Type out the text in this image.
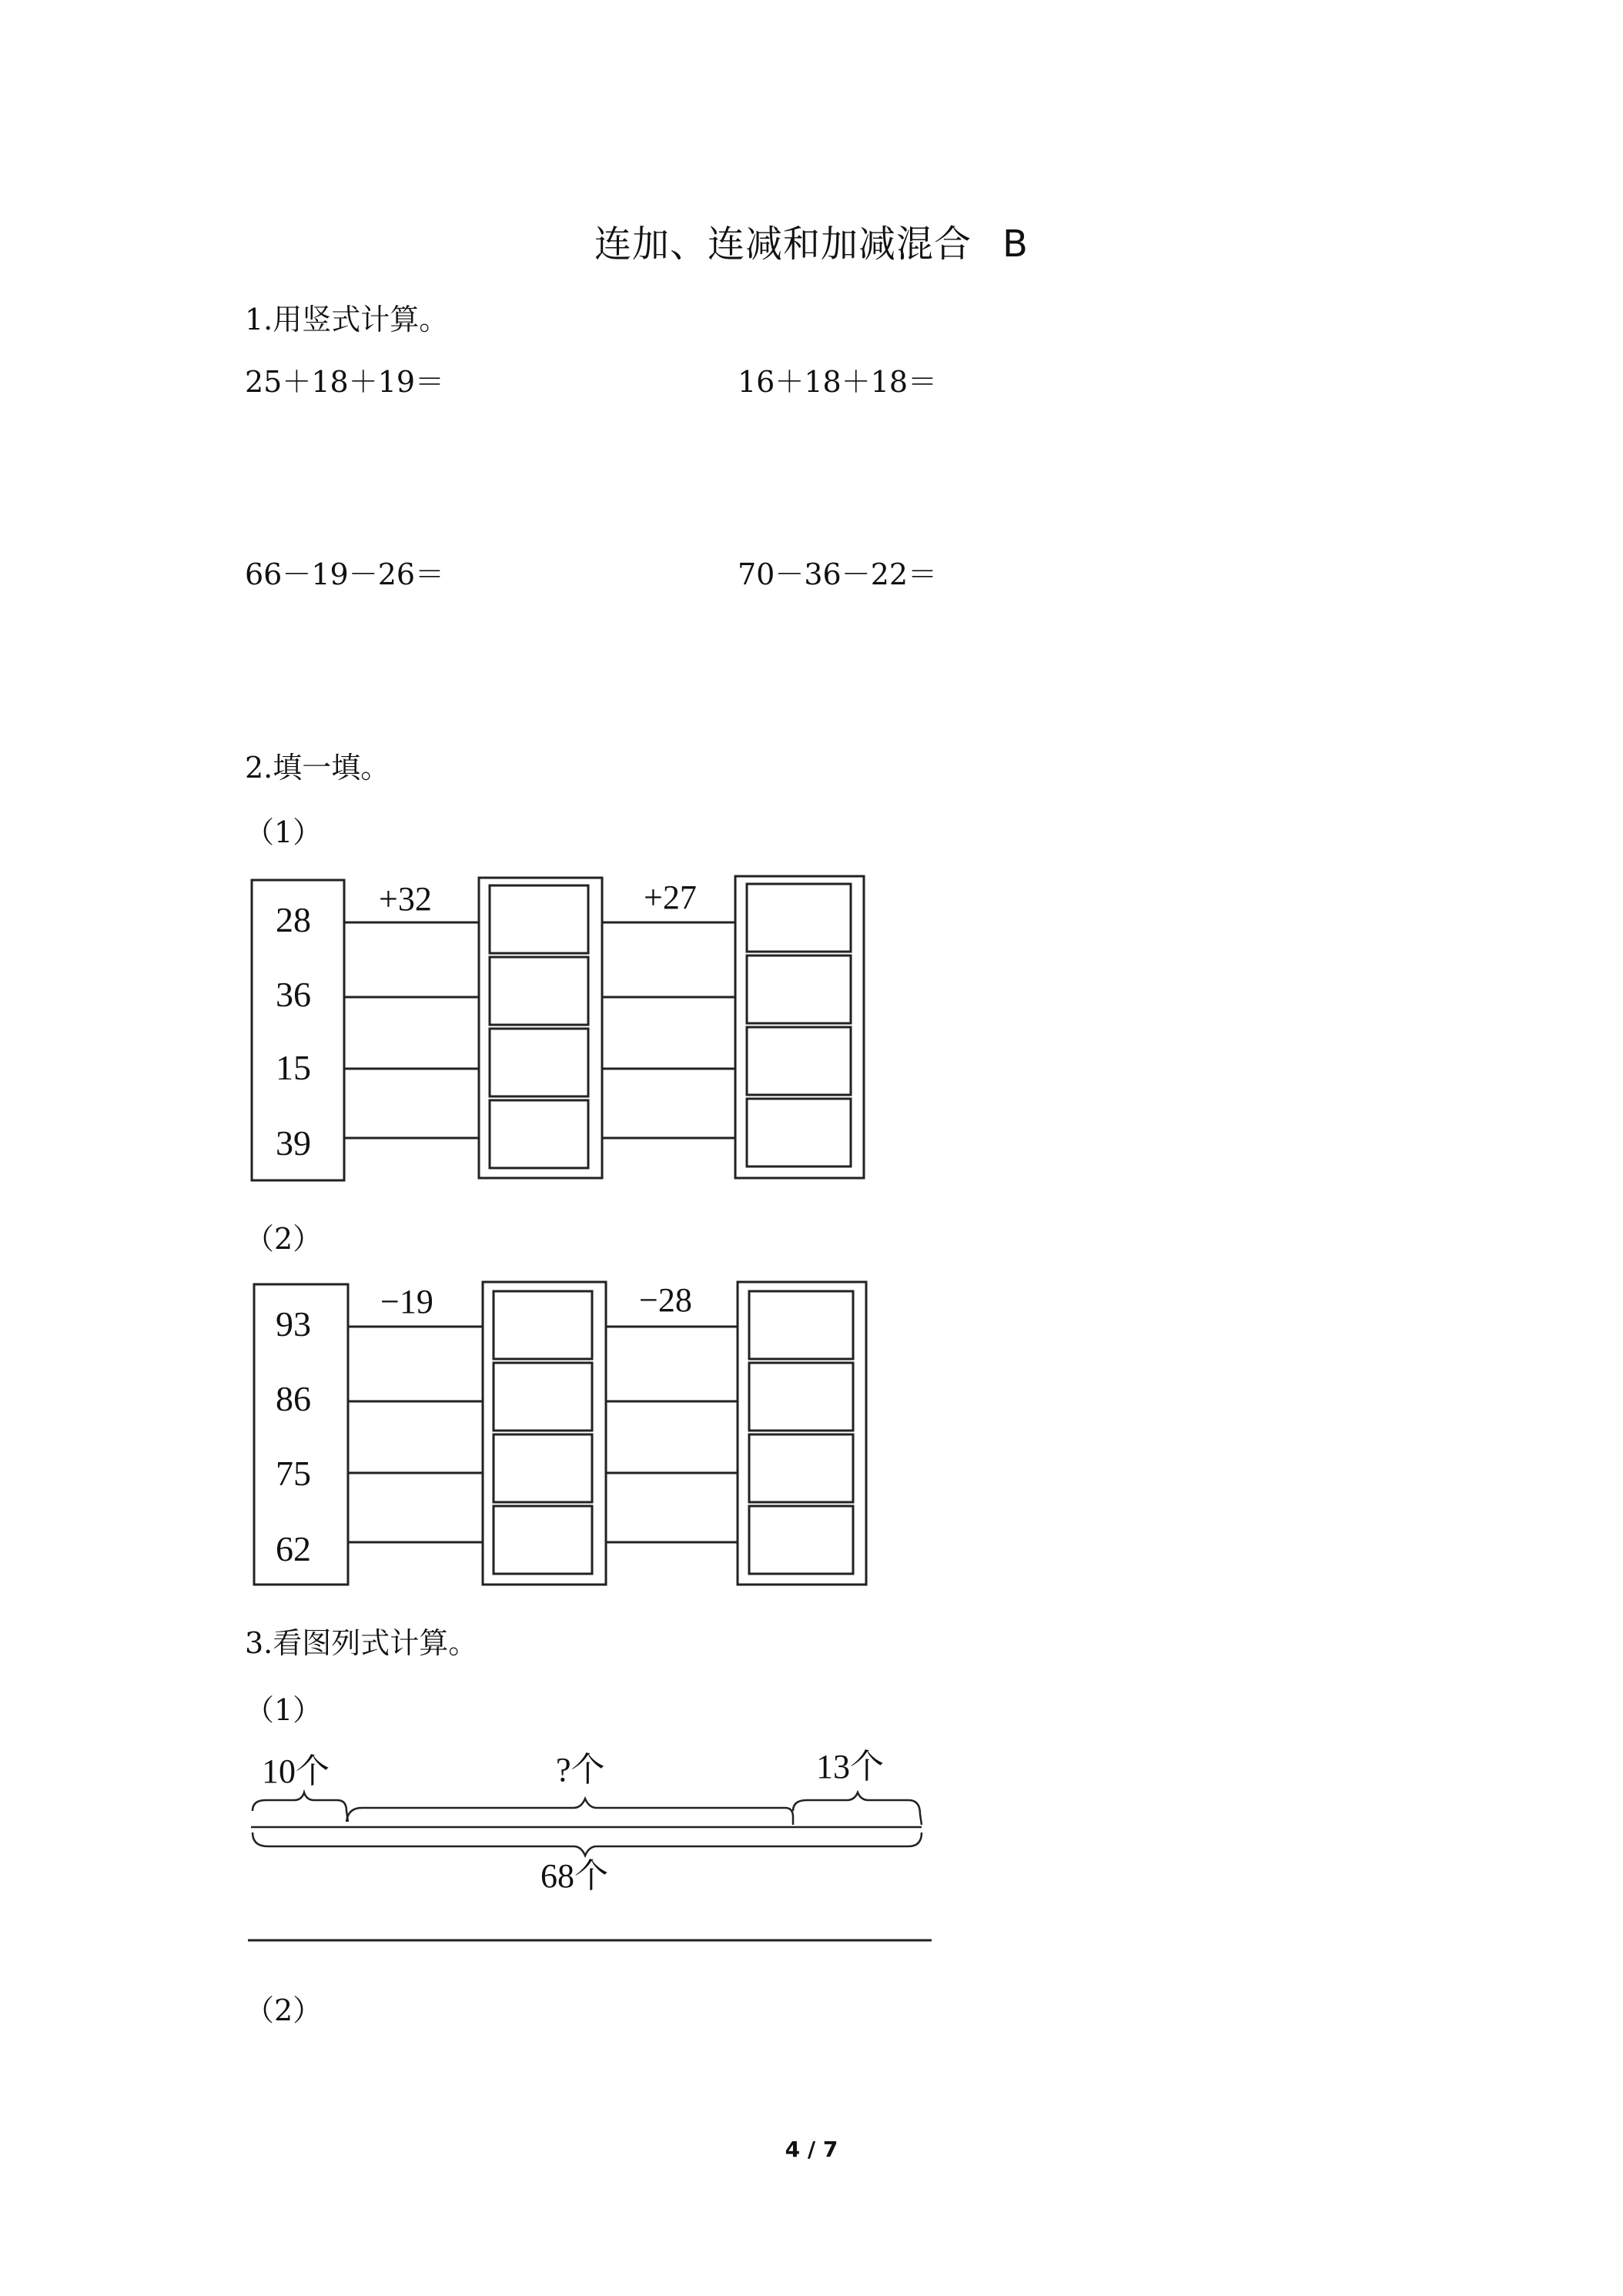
连加、连减和加减混合 B
1.用竖式计算。
25＋18＋19＝	16＋18＋18＝
66－19－26＝	70－36－22＝
2.填一填。
（1）
28
36
15
39
+32	+27
（2）
93
86
75
62
−19	−28
3.看图列式计算。
（1）
10个	?个	13个
68个
（2）
4 / 7
